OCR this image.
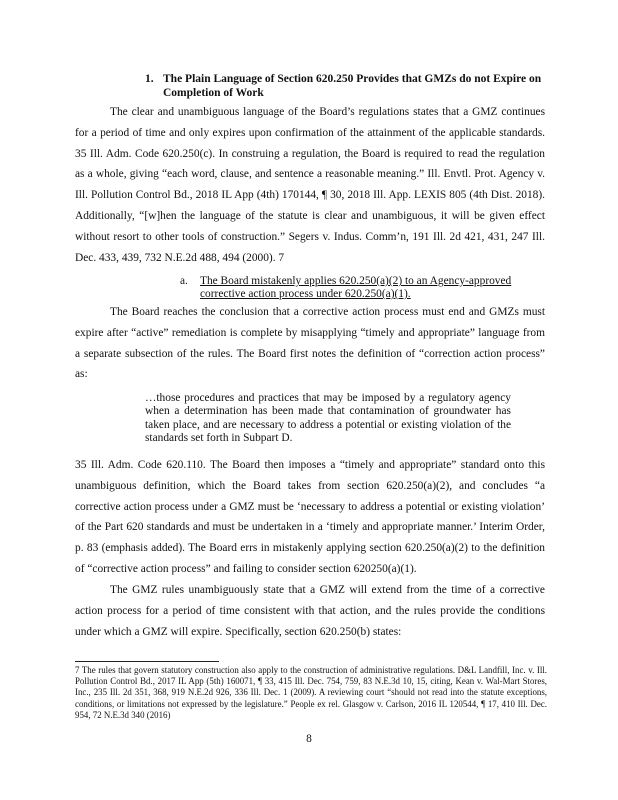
1. The Plain Language of Section 620.250 Provides that GMZs do not Expire on Completion of Work

The clear and unambiguous language of the Board’s regulations states that a GMZ continues for a period of time and only expires upon confirmation of the attainment of the applicable standards. 35 Ill. Adm. Code 620.250(c). In construing a regulation, the Board is required to read the regulation as a whole, giving “each word, clause, and sentence a reasonable meaning.” Ill. Envtl. Prot. Agency v. Ill. Pollution Control Bd., 2018 IL App (4th) 170144, ¶ 30, 2018 Ill. App. LEXIS 805 (4th Dist. 2018). Additionally, “[w]hen the language of the statute is clear and unambiguous, it will be given effect without resort to other tools of construction.” Segers v. Indus. Comm’n, 191 Ill. 2d 421, 431, 247 Ill. Dec. 433, 439, 732 N.E.2d 488, 494 (2000). 7

a. The Board mistakenly applies 620.250(a)(2) to an Agency-approved corrective action process under 620.250(a)(1).

The Board reaches the conclusion that a corrective action process must end and GMZs must expire after “active” remediation is complete by misapplying “timely and appropriate” language from a separate subsection of the rules. The Board first notes the definition of “correction action process” as:

…those procedures and practices that may be imposed by a regulatory agency when a determination has been made that contamination of groundwater has taken place, and are necessary to address a potential or existing violation of the standards set forth in Subpart D.

35 Ill. Adm. Code 620.110. The Board then imposes a “timely and appropriate” standard onto this unambiguous definition, which the Board takes from section 620.250(a)(2), and concludes “a corrective action process under a GMZ must be ‘necessary to address a potential or existing violation’ of the Part 620 standards and must be undertaken in a ‘timely and appropriate manner.’ Interim Order, p. 83 (emphasis added). The Board errs in mistakenly applying section 620.250(a)(2) to the definition of “corrective action process” and failing to consider section 620250(a)(1).

The GMZ rules unambiguously state that a GMZ will extend from the time of a corrective action process for a period of time consistent with that action, and the rules provide the conditions under which a GMZ will expire. Specifically, section 620.250(b) states:

7 The rules that govern statutory construction also apply to the construction of administrative regulations. D&L Landfill, Inc. v. Ill. Pollution Control Bd., 2017 IL App (5th) 160071, ¶ 33, 415 Ill. Dec. 754, 759, 83 N.E.3d 10, 15, citing, Kean v. Wal-Mart Stores, Inc., 235 Ill. 2d 351, 368, 919 N.E.2d 926, 336 Ill. Dec. 1 (2009). A reviewing court “should not read into the statute exceptions, conditions, or limitations not expressed by the legislature.” People ex rel. Glasgow v. Carlson, 2016 IL 120544, ¶ 17, 410 Ill. Dec. 954, 72 N.E.3d 340 (2016)

8
